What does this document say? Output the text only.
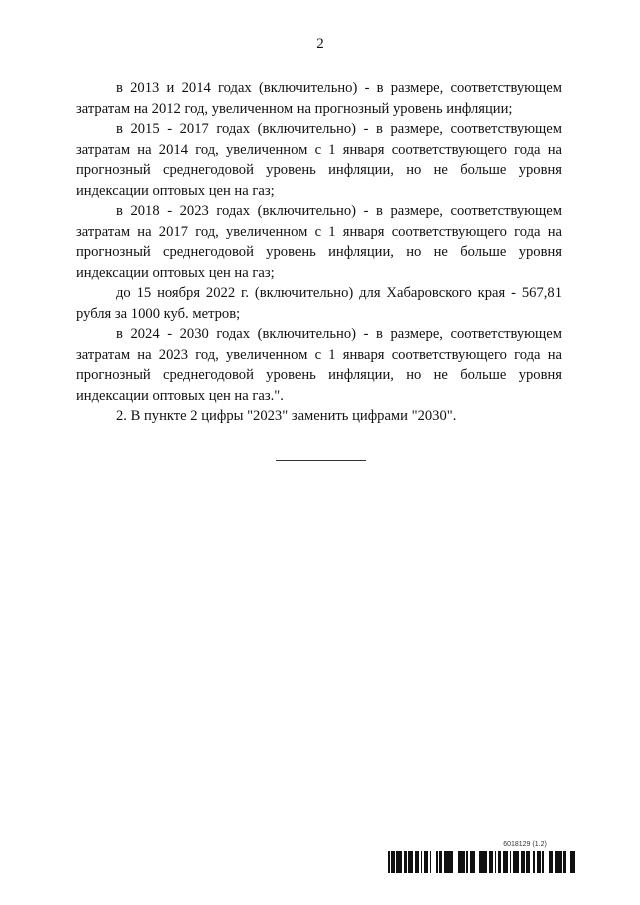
2

в 2013 и 2014 годах (включительно) - в размере, соответствующем затратам на 2012 год, увеличенном на прогнозный уровень инфляции;

в 2015 - 2017 годах (включительно) - в размере, соответствующем затратам на 2014 год, увеличенном с 1 января соответствующего года на прогнозный среднегодовой уровень инфляции, но не больше уровня индексации оптовых цен на газ;

в 2018 - 2023 годах (включительно) - в размере, соответствующем затратам на 2017 год, увеличенном с 1 января соответствующего года на прогнозный среднегодовой уровень инфляции, но не больше уровня индексации оптовых цен на газ;

до 15 ноября 2022 г. (включительно) для Хабаровского края - 567,81 рубля за 1000 куб. метров;

в 2024 - 2030 годах (включительно) - в размере, соответствующем затратам на 2023 год, увеличенном с 1 января соответствующего года на прогнозный среднегодовой уровень инфляции, но не больше уровня индексации оптовых цен на газ.".

2. В пункте 2 цифры "2023" заменить цифрами "2030".

6018129 (1.2)
